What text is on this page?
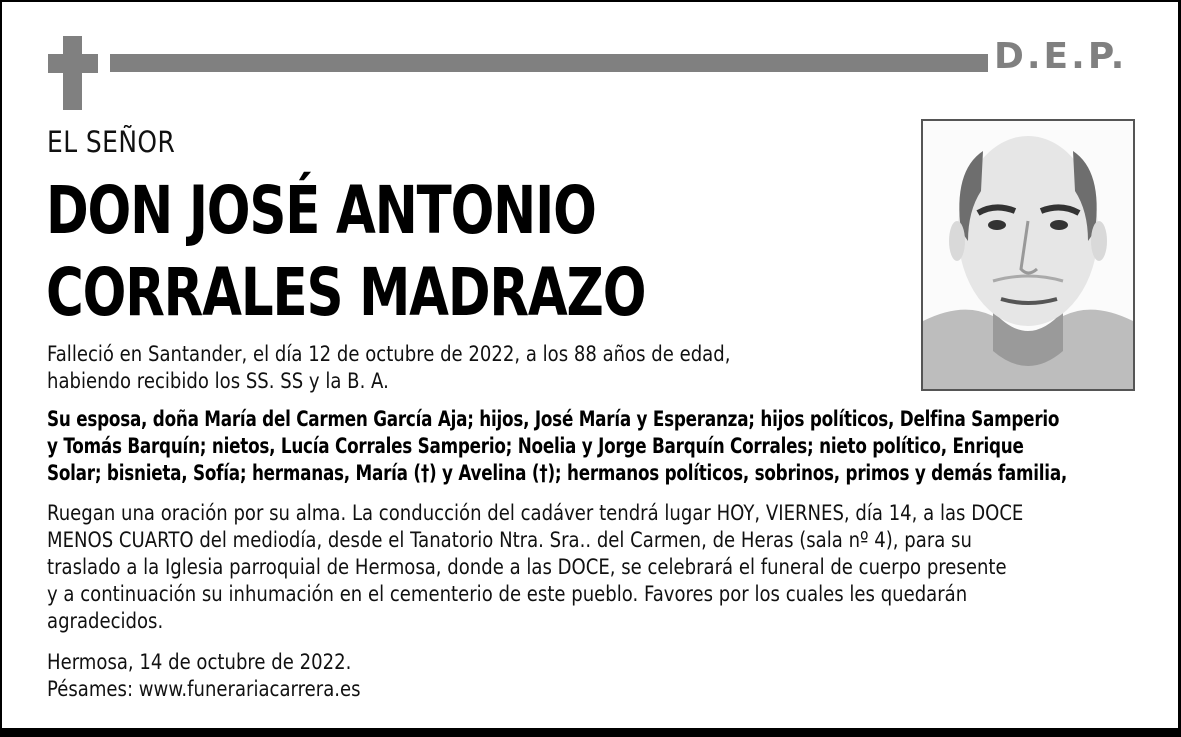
D.E.P.
EL SEÑOR
DON JOSÉ ANTONIO
CORRALES MADRAZO
Falleció en Santander, el día 12 de octubre de 2022, a los 88 años de edad,
habiendo recibido los SS. SS y la B. A.
Su esposa, doña María del Carmen García Aja; hijos, José María y Esperanza; hijos políticos, Delfina Samperio
y Tomás Barquín; nietos, Lucía Corrales Samperio; Noelia y Jorge Barquín Corrales; nieto político, Enrique
Solar; bisnieta, Sofía; hermanas, María (†) y Avelina (†); hermanos políticos, sobrinos, primos y demás familia,
Ruegan una oración por su alma. La conducción del cadáver tendrá lugar HOY, VIERNES, día 14, a las DOCE
MENOS CUARTO del mediodía, desde el Tanatorio Ntra. Sra.. del Carmen, de Heras (sala nº 4), para su
traslado a la Iglesia parroquial de Hermosa, donde a las DOCE, se celebrará el funeral de cuerpo presente
y a continuación su inhumación en el cementerio de este pueblo. Favores por los cuales les quedarán
agradecidos.
Hermosa, 14 de octubre de 2022.
Pésames: www.funerariacarrera.es
